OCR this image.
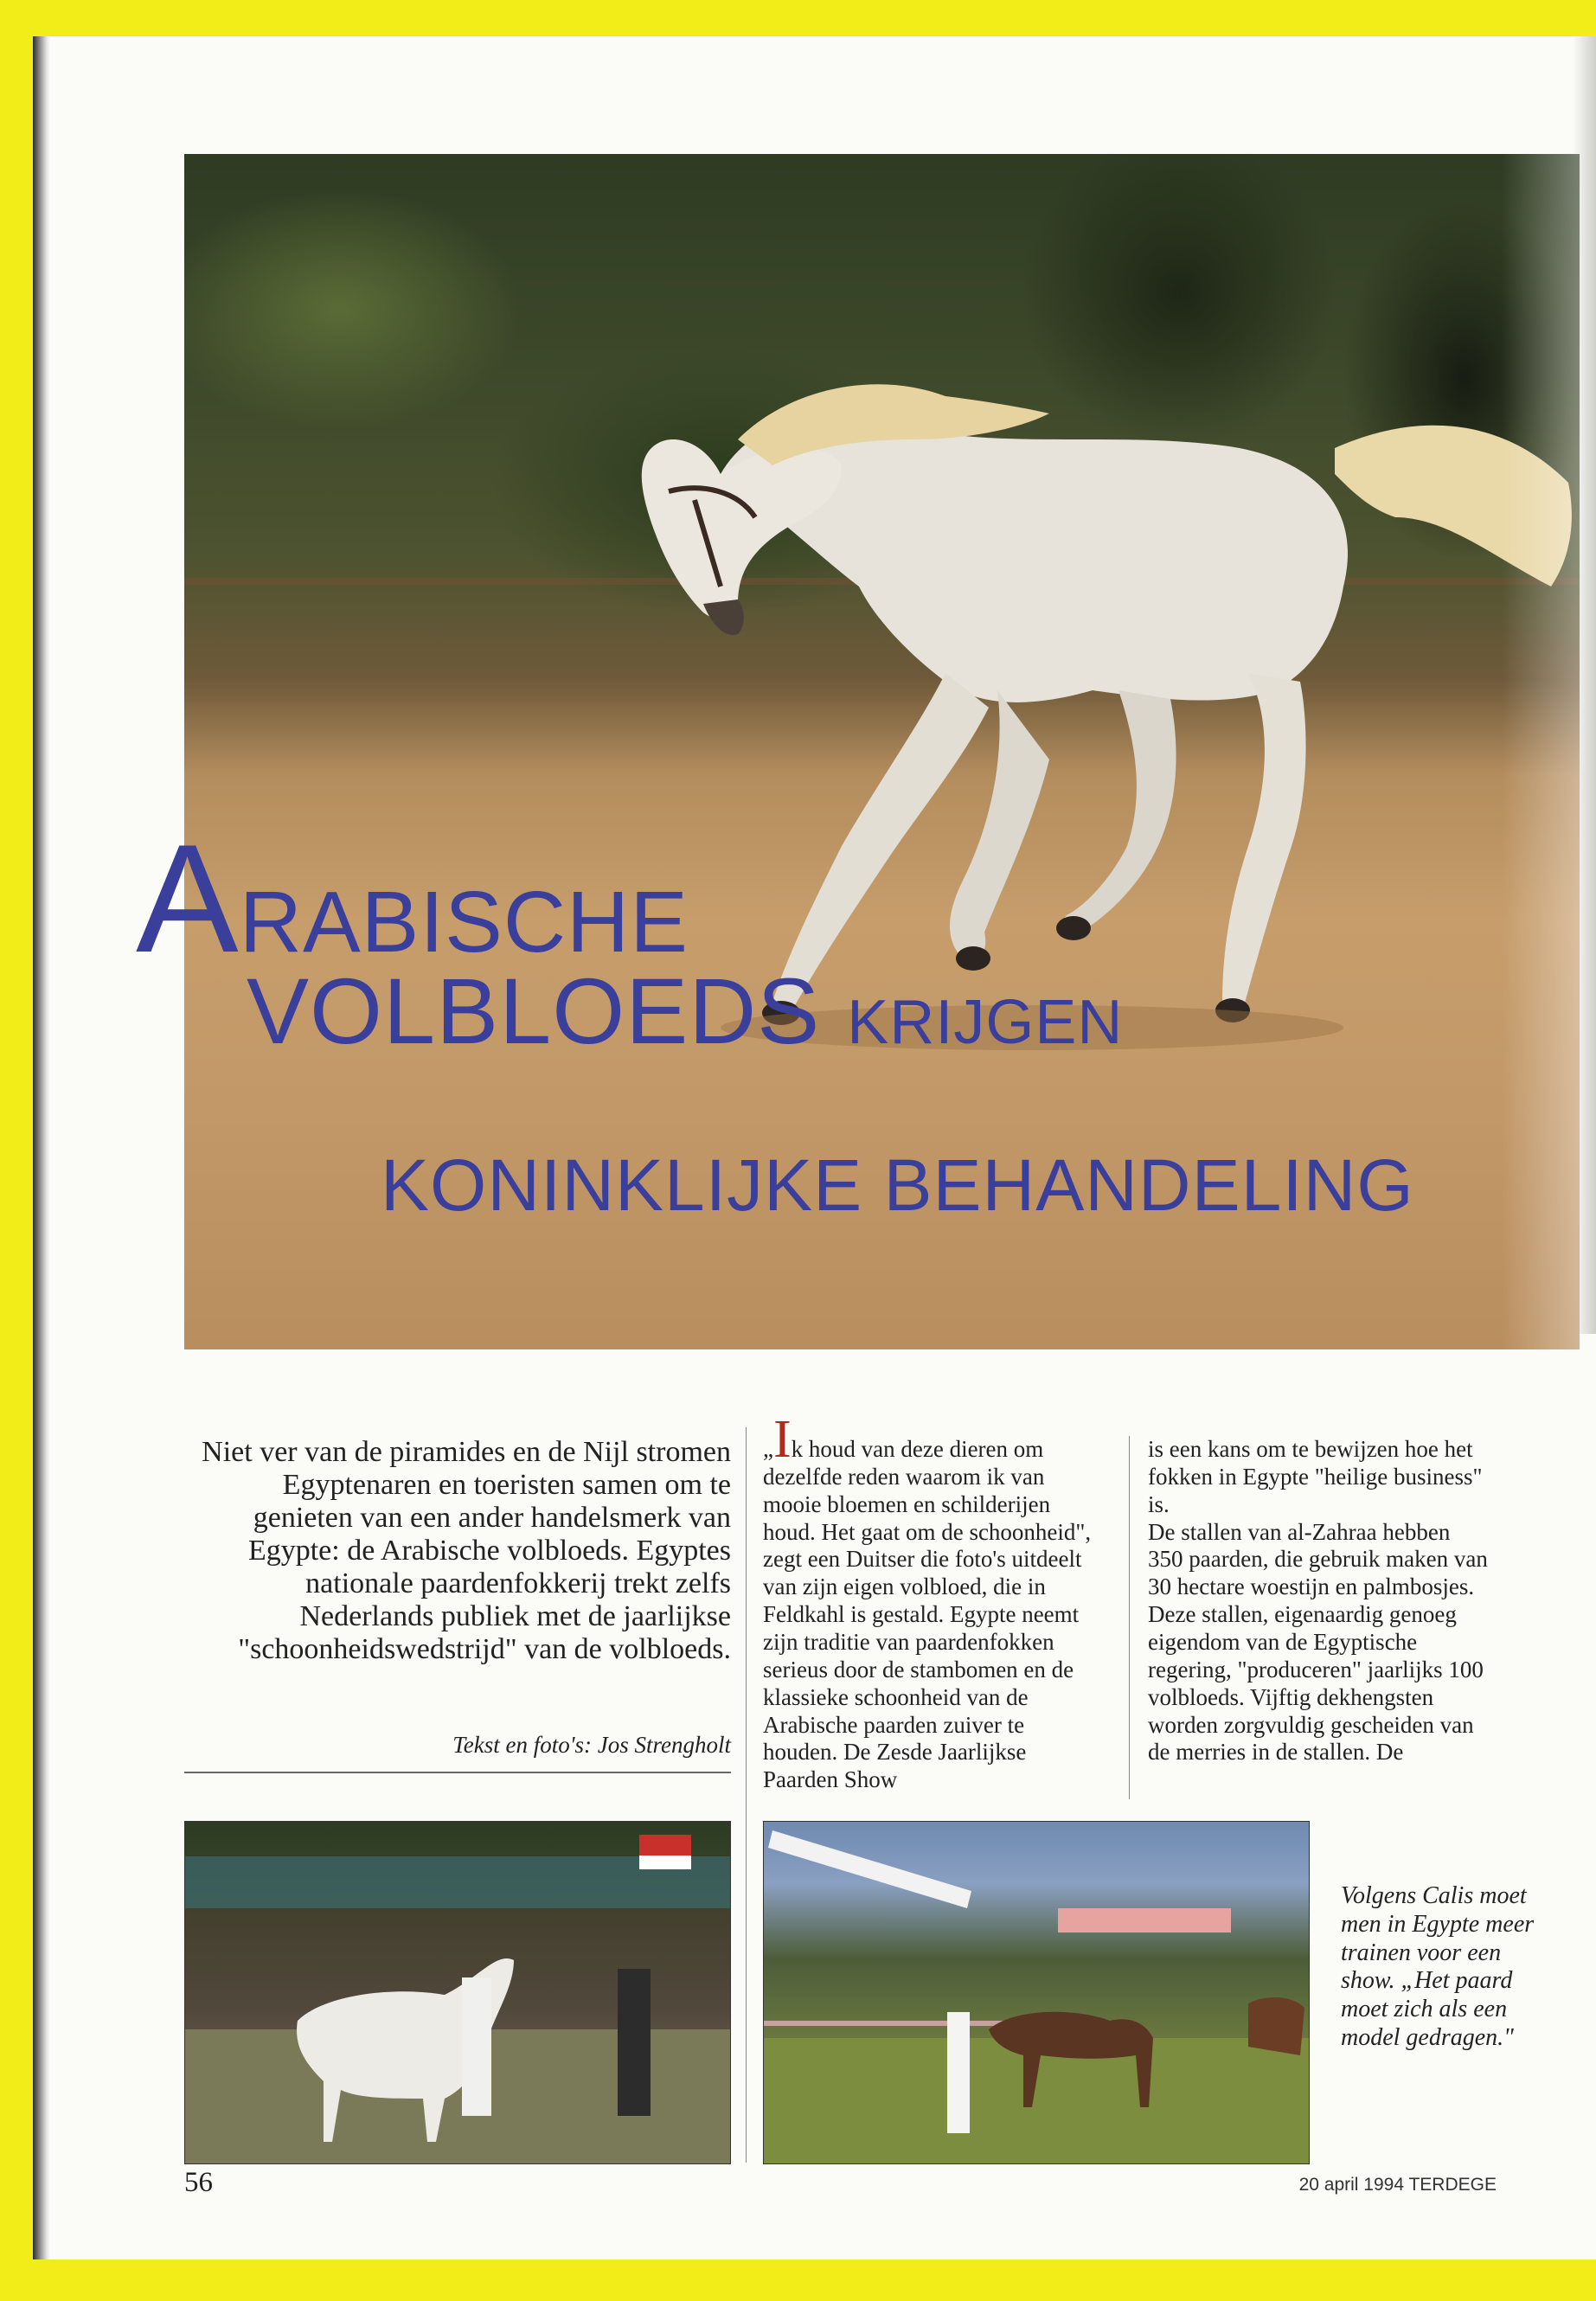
ARABISCHE
VOLBLOEDS KRIJGEN
KONINKLIJKE BEHANDELING

Niet ver van de piramides en de Nijl stromen Egyptenaren en toeristen samen om te genieten van een ander handelsmerk van Egypte: de Arabische volbloeds. Egyptes nationale paardenfokkerij trekt zelfs Nederlands publiek met de jaarlijkse "schoonheidswedstrijd" van de volbloeds.

Tekst en foto's: Jos Strengholt

„Ik houd van deze dieren om dezelfde reden waarom ik van mooie bloemen en schilderijen houd. Het gaat om de schoonheid", zegt een Duitser die foto's uitdeelt van zijn eigen volbloed, die in Feldkahl is gestald. Egypte neemt zijn traditie van paardenfokken serieus door de stambomen en de klassieke schoonheid van de Arabische paarden zuiver te houden. De Zesde Jaarlijkse Paarden Show

is een kans om te bewijzen hoe het fokken in Egypte "heilige business" is.

De stallen van al-Zahraa hebben 350 paarden, die gebruik maken van 30 hectare woestijn en palmbosjes. Deze stallen, eigenaardig genoeg eigendom van de Egyptische regering, "produceren" jaarlijks 100 volbloeds. Vijftig dekhengsten worden zorgvuldig gescheiden van de merries in de stallen. De

Volgens Calis moet men in Egypte meer trainen voor een show. „Het paard moet zich als een model gedragen."

56	20 april 1994 TERDEGE
